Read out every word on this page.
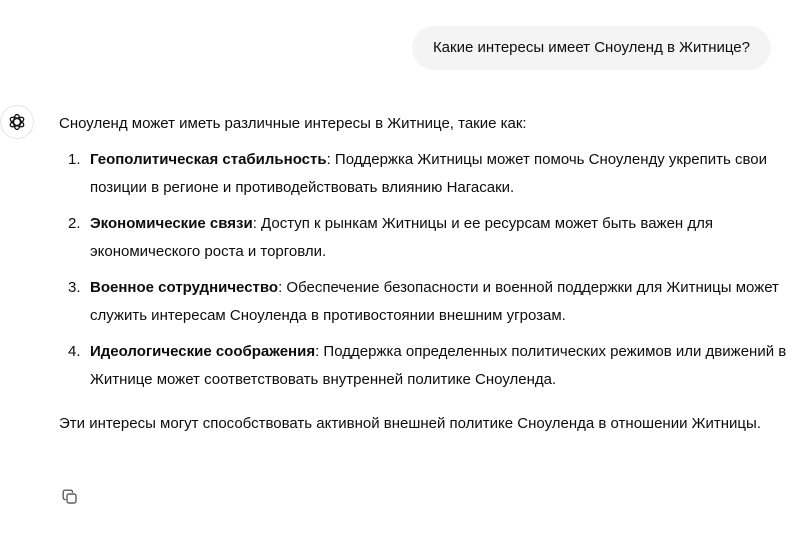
Какие интересы имеет Сноуленд в Житнице?

Сноуленд может иметь различные интересы в Житнице, такие как:

1. Геополитическая стабильность: Поддержка Житницы может помочь Сноуленду укрепить свои позиции в регионе и противодействовать влиянию Нагасаки.
2. Экономические связи: Доступ к рынкам Житницы и ее ресурсам может быть важен для экономического роста и торговли.
3. Военное сотрудничество: Обеспечение безопасности и военной поддержки для Житницы может служить интересам Сноуленда в противостоянии внешним угрозам.
4. Идеологические соображения: Поддержка определенных политических режимов или движений в Житнице может соответствовать внутренней политике Сноуленда.

Эти интересы могут способствовать активной внешней политике Сноуленда в отношении Житницы.
